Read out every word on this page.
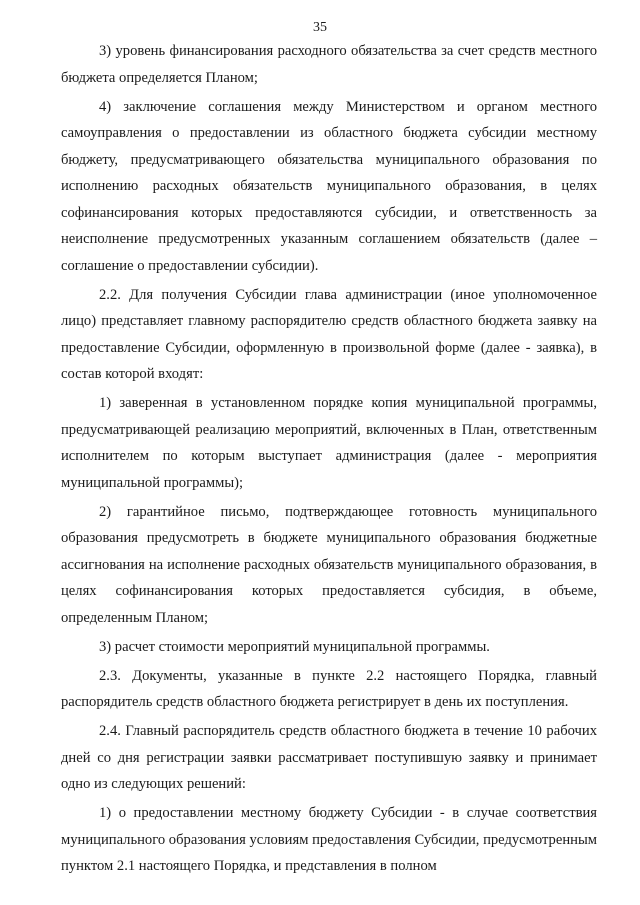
35

3) уровень финансирования расходного обязательства за счет средств местного бюджета определяется Планом;

4) заключение соглашения между Министерством и органом местного самоуправления о предоставлении из областного бюджета субсидии местному бюджету, предусматривающего обязательства муниципального образования по исполнению расходных обязательств муниципального образования, в целях софинансирования которых предоставляются субсидии, и ответственность за неисполнение предусмотренных указанным соглашением обязательств (далее – соглашение о предоставлении субсидии).

2.2. Для получения Субсидии глава администрации (иное уполномоченное лицо) представляет главному распорядителю средств областного бюджета заявку на предоставление Субсидии, оформленную в произвольной форме (далее - заявка), в состав которой входят:

1) заверенная в установленном порядке копия муниципальной программы, предусматривающей реализацию мероприятий, включенных в План, ответственным исполнителем по которым выступает администрация (далее - мероприятия муниципальной программы);

2) гарантийное письмо, подтверждающее готовность муниципального образования предусмотреть в бюджете муниципального образования бюджетные ассигнования на исполнение расходных обязательств муниципального образования, в целях софинансирования которых предоставляется субсидия, в объеме, определенным Планом;

3) расчет стоимости мероприятий муниципальной программы.

2.3. Документы, указанные в пункте 2.2 настоящего Порядка, главный распорядитель средств областного бюджета регистрирует в день их поступления.

2.4. Главный распорядитель средств областного бюджета в течение 10 рабочих дней со дня регистрации заявки рассматривает поступившую заявку и принимает одно из следующих решений:

1) о предоставлении местному бюджету Субсидии - в случае соответствия муниципального образования условиям предоставления Субсидии, предусмотренным пунктом 2.1 настоящего Порядка, и представления в полном
